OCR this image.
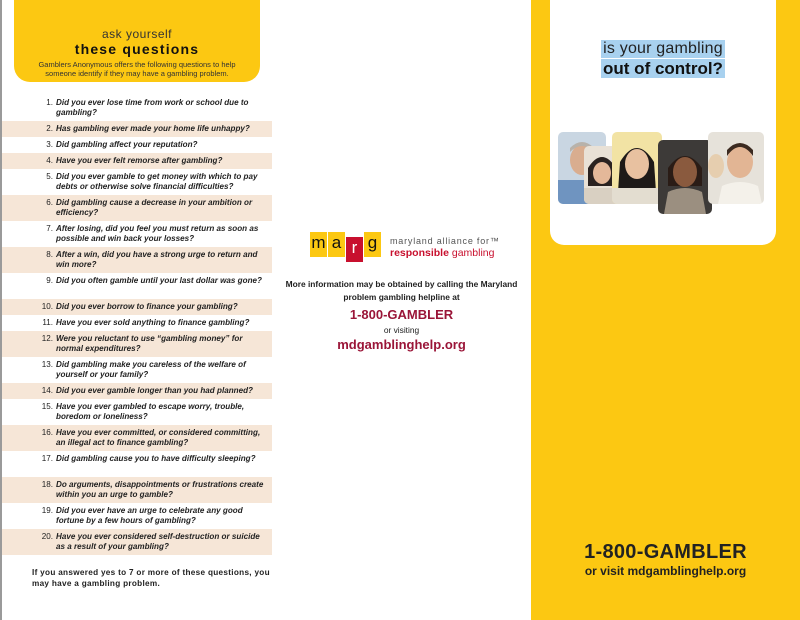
ask yourself
these questions
Gamblers Anonymous offers the following questions to help someone identify if they may have a gambling problem.
1. Did you ever lose time from work or school due to gambling?
2. Has gambling ever made your home life unhappy?
3. Did gambling affect your reputation?
4. Have you ever felt remorse after gambling?
5. Did you ever gamble to get money with which to pay debts or otherwise solve financial difficulties?
6. Did gambling cause a decrease in your ambition or efficiency?
7. After losing, did you feel you must return as soon as possible and win back your losses?
8. After a win, did you have a strong urge to return and win more?
9. Did you often gamble until your last dollar was gone?
10. Did you ever borrow to finance your gambling?
11. Have you ever sold anything to finance gambling?
12. Were you reluctant to use “gambling money” for normal expenditures?
13. Did gambling make you careless of the welfare of yourself or your family?
14. Did you ever gamble longer than you had planned?
15. Have you ever gambled to escape worry, trouble, boredom or loneliness?
16. Have you ever committed, or considered committing, an illegal act to finance gambling?
17. Did gambling cause you to have difficulty sleeping?
18. Do arguments, disappointments or frustrations create within you an urge to gamble?
19. Did you ever have an urge to celebrate any good fortune by a few hours of gambling?
20. Have you ever considered self-destruction or suicide as a result of your gambling?

If you answered yes to 7 or more of these questions, you may have a gambling problem.

m a r g	maryland alliance for™
responsible gambling
More information may be obtained by calling the Maryland problem gambling helpline at
1-800-GAMBLER
or visiting
mdgamblinghelp.org
is your gambling
out of control?
1-800-GAMBLER
or visit mdgamblinghelp.org
